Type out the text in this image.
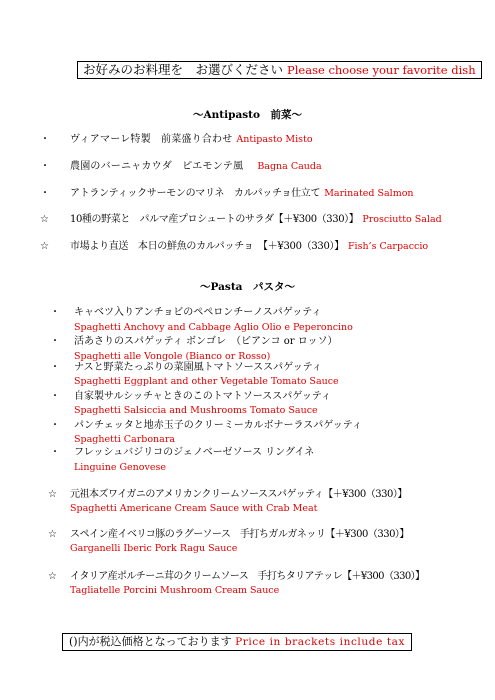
お好みのお料理を　お選びください Please choose your favorite dish
～Antipasto　前菜～
・ ヴィアマーレ特製　前菜盛り合わせ Antipasto Misto
・ 農園のバーニャカウダ　ピエモンテ風 Bagna Cauda
・ アトランティックサーモンのマリネ　カルパッチョ仕立て Marinated Salmon
☆ 10種の野菜と　パルマ産プロシュートのサラダ【＋¥300（330）】 Prosciutto Salad
☆ 市場より直送　本日の鮮魚のカルパッチョ　【＋¥300（330）】 Fish’s Carpaccio
～Pasta　パスタ～
・ キャベツ入りアンチョビのペペロンチーノスパゲッティ
Spaghetti Anchovy and Cabbage Aglio Olio e Peperoncino
・ 活あさりのスパゲッティ ボンゴレ　（ビアンコ or ロッソ）
Spaghetti alle Vongole (Bianco or Rosso)
・ ナスと野菜たっぷりの菜園風トマトソーススパゲッティ
Spaghetti Eggplant and other Vegetable Tomato Sauce
・ 自家製サルシッチャときのこのトマトソーススパゲッティ
Spaghetti Salsiccia and Mushrooms Tomato Sauce
・ パンチェッタと地赤玉子のクリーミーカルボナーラスパゲッティ
Spaghetti Carbonara
・ フレッシュバジリコのジェノベーゼソース リングイネ
Linguine Genovese
☆ 元祖本ズワイガニのアメリカンクリームソーススパゲッティ【＋¥300（330）】
Spaghetti Americane Cream Sauce with Crab Meat
☆ スペイン産イベリコ豚のラグーソース　手打ちガルガネッリ【＋¥300（330）】
Garganelli Iberic Pork Ragu Sauce
☆ イタリア産ポルチーニ茸のクリームソース　手打ちタリアテッレ【＋¥300（330）】
Tagliatelle Porcini Mushroom Cream Sauce
()内が税込価格となっております Price in brackets include tax
